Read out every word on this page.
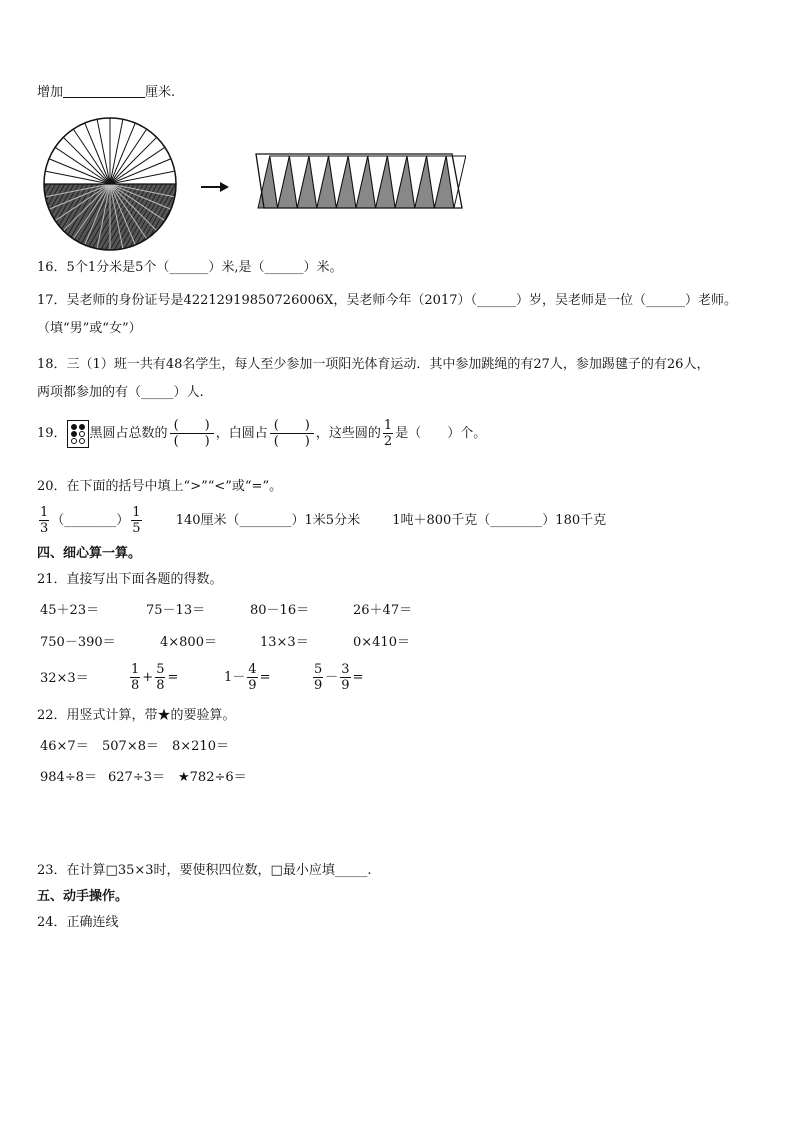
增加	厘米.
16．5个1分米是5个（______）米,是（______）米。
17．吴老师的身份证号是42212919850726006X，吴老师今年（2017）（______）岁，吴老师是一位（______）老师。
（填“男”或“女”）
18．三（1）班一共有48名学生，每人至少参加一项阳光体育运动．其中参加跳绳的有27人，参加踢毽子的有26人，
两项都参加的有（_____）人.
19． 黑圆占总数的 $\frac{( )}{( )}$ ，白圆占 $\frac{( )}{( )}$ ，这些圆的 $\frac{1}{2}$ 是（　　）个。
20．在下面的括号中填上“>”“<”或“=”。
$\frac{1}{3}$ （________） $\frac{1}{5}$	140厘米（________）1米5分米 1吨＋800千克（________）180千克
四、细心算一算。
21．直接写出下面各题的得数。
45＋23＝	75－13＝	80－16＝	26＋47＝
750－390＝	4×800＝	13×3＝	0×410＝
32×3＝	$\frac{1}{8} + \frac{5}{8}$ =	$1- \frac{4}{9}$ =	$\frac{5}{9} - \frac{3}{9}$ =
22．用竖式计算，带★的要验算。
46×7＝ 507×8＝ 8×210＝
984÷8＝ 627÷3＝ ★782÷6＝
23．在计算□35×3时，要使积四位数，□最小应填_____.
五、动手操作。
24．正确连线
